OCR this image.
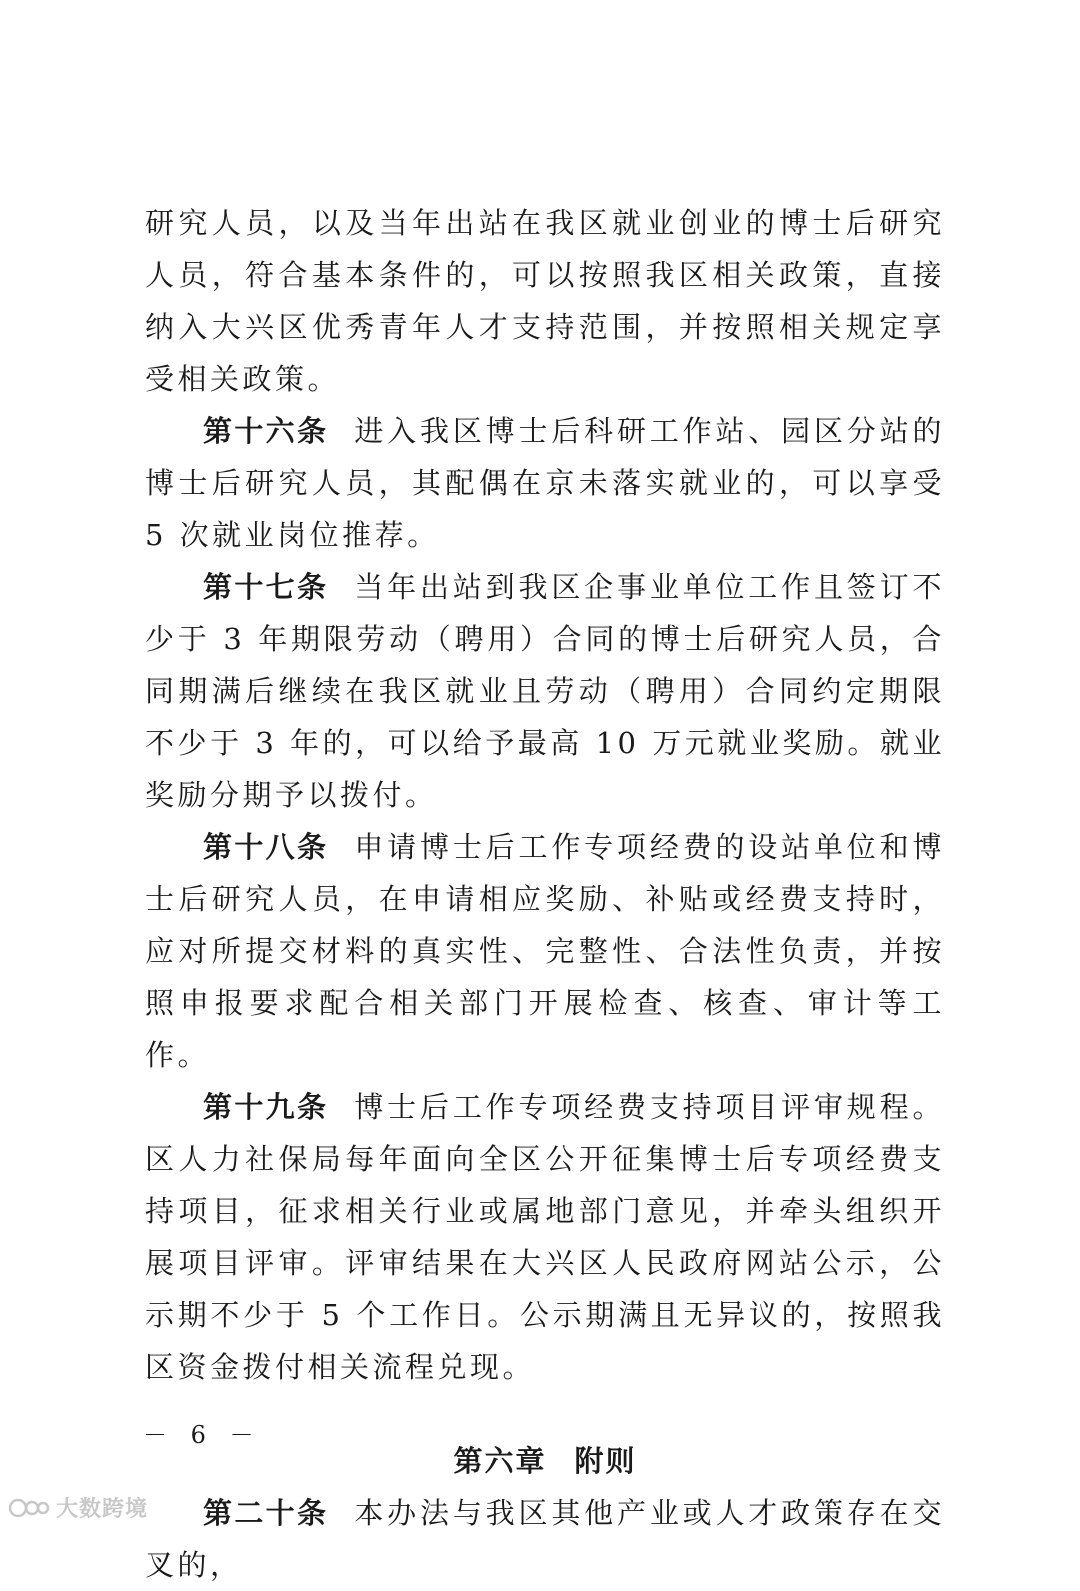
研究人员，以及当年出站在我区就业创业的博士后研究人员，符合基本条件的，可以按照我区相关政策，直接纳入大兴区优秀青年人才支持范围，并按照相关规定享受相关政策。

第十六条 进入我区博士后科研工作站、园区分站的博士后研究人员，其配偶在京未落实就业的，可以享受 5 次就业岗位推荐。

第十七条 当年出站到我区企事业单位工作且签订不少于 3 年期限劳动（聘用）合同的博士后研究人员，合同期满后继续在我区就业且劳动（聘用）合同约定期限不少于 3 年的，可以给予最高 10 万元就业奖励。就业奖励分期予以拨付。

第十八条 申请博士后工作专项经费的设站单位和博士后研究人员，在申请相应奖励、补贴或经费支持时，应对所提交材料的真实性、完整性、合法性负责，并按照申报要求配合相关部门开展检查、核查、审计等工作。

第十九条 博士后工作专项经费支持项目评审规程。区人力社保局每年面向全区公开征集博士后专项经费支持项目，征求相关行业或属地部门意见，并牵头组织开展项目评审。评审结果在大兴区人民政府网站公示，公示期不少于 5 个工作日。公示期满且无异议的，按照我区资金拨付相关流程兑现。

第六章 附则

第二十条 本办法与我区其他产业或人才政策存在交叉的，

－ 6 －
大数跨境
